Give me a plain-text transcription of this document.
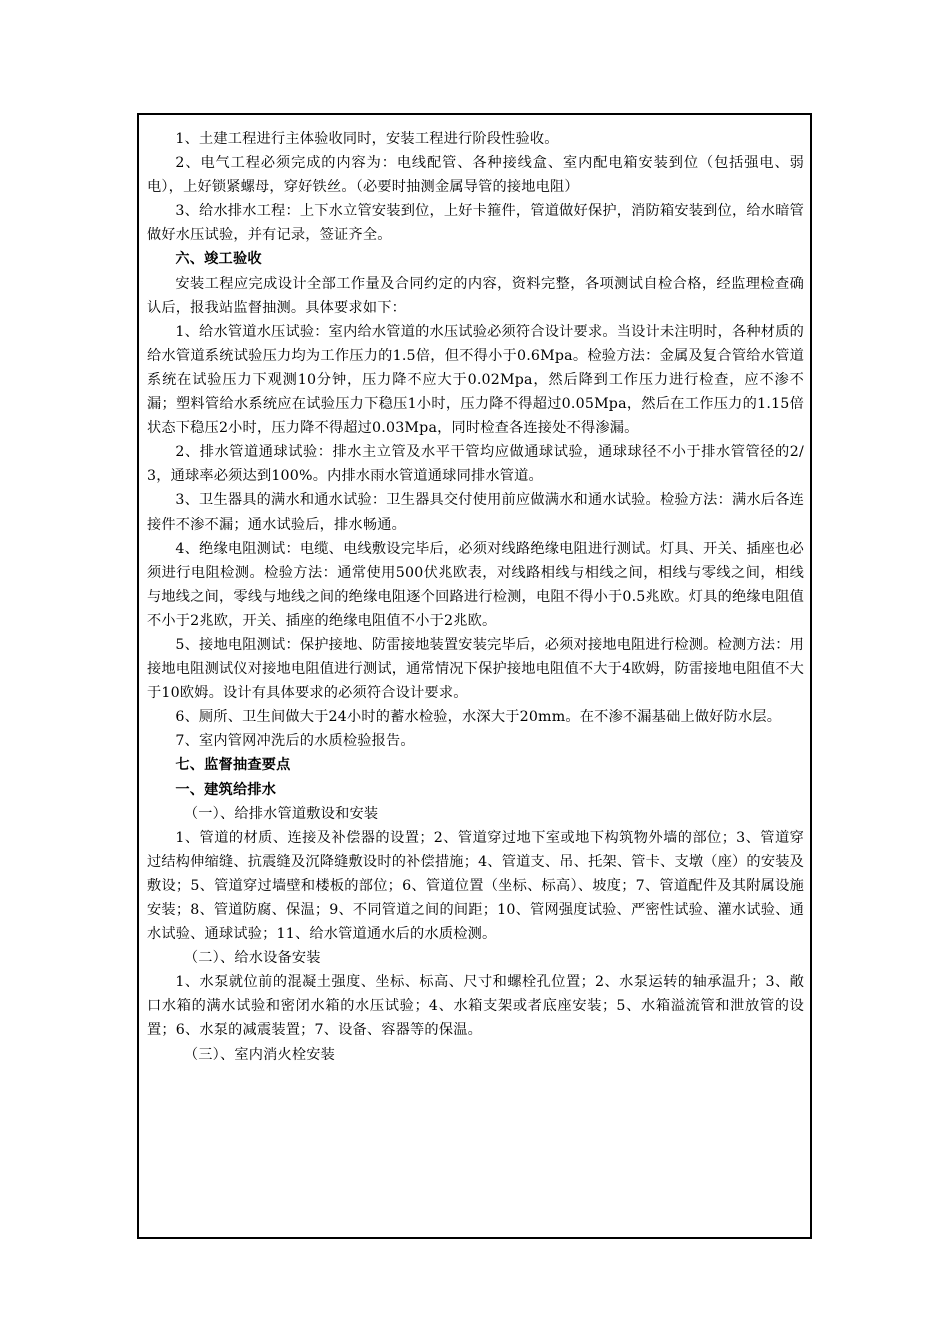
1、土建工程进行主体验收同时，安装工程进行阶段性验收。

2、电气工程必须完成的内容为：电线配管、各种接线盒、室内配电箱安装到位（包括强电、弱电），上好锁紧螺母，穿好铁丝。（必要时抽测金属导管的接地电阻）

3、给水排水工程：上下水立管安装到位，上好卡箍件，管道做好保护，消防箱安装到位，给水暗管做好水压试验，并有记录，签证齐全。

六、竣工验收

安装工程应完成设计全部工作量及合同约定的内容，资料完整，各项测试自检合格，经监理检查确认后，报我站监督抽测。具体要求如下：

1、给水管道水压试验：室内给水管道的水压试验必须符合设计要求。当设计未注明时，各种材质的给水管道系统试验压力均为工作压力的1.5倍，但不得小于0.6Mpa。检验方法：金属及复合管给水管道系统在试验压力下观测10分钟，压力降不应大于0.02Mpa，然后降到工作压力进行检查，应不渗不漏；塑料管给水系统应在试验压力下稳压1小时，压力降不得超过0.05Mpa，然后在工作压力的1.15倍状态下稳压2小时，压力降不得超过0.03Mpa，同时检查各连接处不得渗漏。

2、排水管道通球试验：排水主立管及水平干管均应做通球试验，通球球径不小于排水管管径的2/3，通球率必须达到100%。内排水雨水管道通球同排水管道。

3、卫生器具的满水和通水试验：卫生器具交付使用前应做满水和通水试验。检验方法：满水后各连接件不渗不漏；通水试验后，排水畅通。

4、绝缘电阻测试：电缆、电线敷设完毕后，必须对线路绝缘电阻进行测试。灯具、开关、插座也必须进行电阻检测。检验方法：通常使用500伏兆欧表，对线路相线与相线之间，相线与零线之间，相线与地线之间，零线与地线之间的绝缘电阻逐个回路进行检测，电阻不得小于0.5兆欧。灯具的绝缘电阻值不小于2兆欧，开关、插座的绝缘电阻值不小于2兆欧。

5、接地电阻测试：保护接地、防雷接地装置安装完毕后，必须对接地电阻进行检测。检测方法：用接地电阻测试仪对接地电阻值进行测试，通常情况下保护接地电阻值不大于4欧姆，防雷接地电阻值不大于10欧姆。设计有具体要求的必须符合设计要求。

6、厕所、卫生间做大于24小时的蓄水检验，水深大于20mm。在不渗不漏基础上做好防水层。

7、室内管网冲洗后的水质检验报告。

七、监督抽查要点

一、建筑给排水

（一）、给排水管道敷设和安装

1、管道的材质、连接及补偿器的设置；2、管道穿过地下室或地下构筑物外墙的部位；3、管道穿过结构伸缩缝、抗震缝及沉降缝敷设时的补偿措施；4、管道支、吊、托架、管卡、支墩（座）的安装及敷设；5、管道穿过墙壁和楼板的部位；6、管道位置（坐标、标高）、坡度；7、管道配件及其附属设施安装；8、管道防腐、保温；9、不同管道之间的间距；10、管网强度试验、严密性试验、灌水试验、通水试验、通球试验；11、给水管道通水后的水质检测。

（二）、给水设备安装

1、水泵就位前的混凝土强度、坐标、标高、尺寸和螺栓孔位置；2、水泵运转的轴承温升；3、敞口水箱的满水试验和密闭水箱的水压试验；4、水箱支架或者底座安装；5、水箱溢流管和泄放管的设置；6、水泵的减震装置；7、设备、容器等的保温。

（三）、室内消火栓安装
